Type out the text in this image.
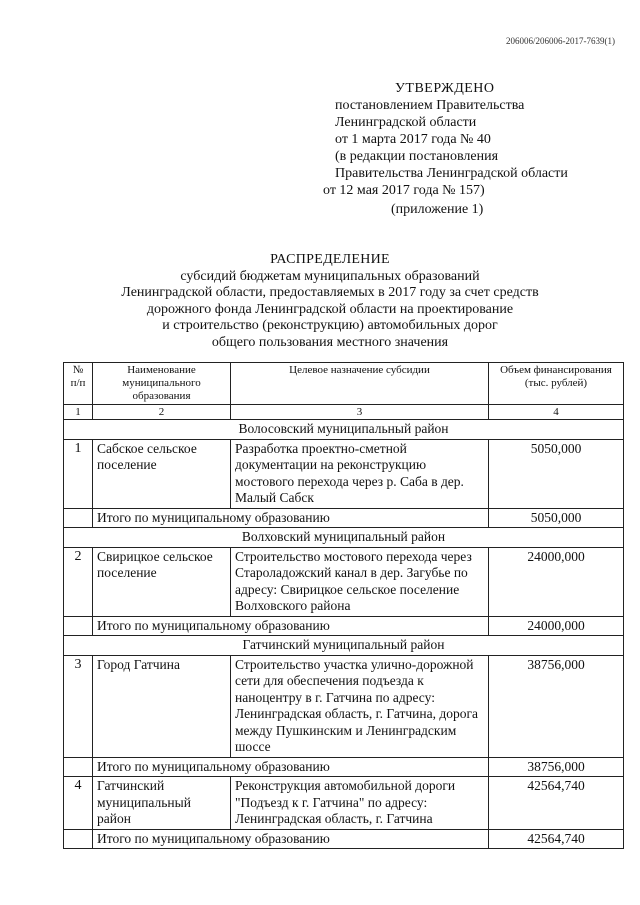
206006/206006-2017-7639(1)
УТВЕРЖДЕНО
постановлением Правительства
Ленинградской области
от 1 марта 2017 года № 40
(в редакции постановления
Правительства Ленинградской области
от 12 мая 2017 года № 157)
(приложение 1)
РАСПРЕДЕЛЕНИЕ
субсидий бюджетам муниципальных образований
Ленинградской области, предоставляемых в 2017 году за счет средств
дорожного фонда Ленинградской области на проектирование
и строительство (реконструкцию) автомобильных дорог
общего пользования местного значения
№ п/п	Наименование муниципального образования	Целевое назначение субсидии	Объем финансирования (тыс. рублей)
1	2	3	4
Волосовский муниципальный район			
1	Сабское сельское поселение	Разработка проектно-сметной документации на реконструкцию мостового перехода через р. Саба в дер. Малый Сабск	5050,000
	Итого по муниципальному образованию		5050,000
Волховский муниципальный район			
2	Свирицкое сельское поселение	Строительство мостового перехода через Староладожский канал в дер. Загубье по адресу: Свирицкое сельское поселение Волховского района	24000,000
	Итого по муниципальному образованию		24000,000
Гатчинский муниципальный район			
3	Город Гатчина	Строительство участка улично-дорожной сети для обеспечения подъезда к наноцентру в г. Гатчина по адресу: Ленинградская область, г. Гатчина, дорога между Пушкинским и Ленинградским шоссе	38756,000
	Итого по муниципальному образованию		38756,000
4	Гатчинский муниципальный район	Реконструкция автомобильной дороги "Подъезд к г. Гатчина" по адресу: Ленинградская область, г. Гатчина	42564,740
	Итого по муниципальному образованию		42564,740
